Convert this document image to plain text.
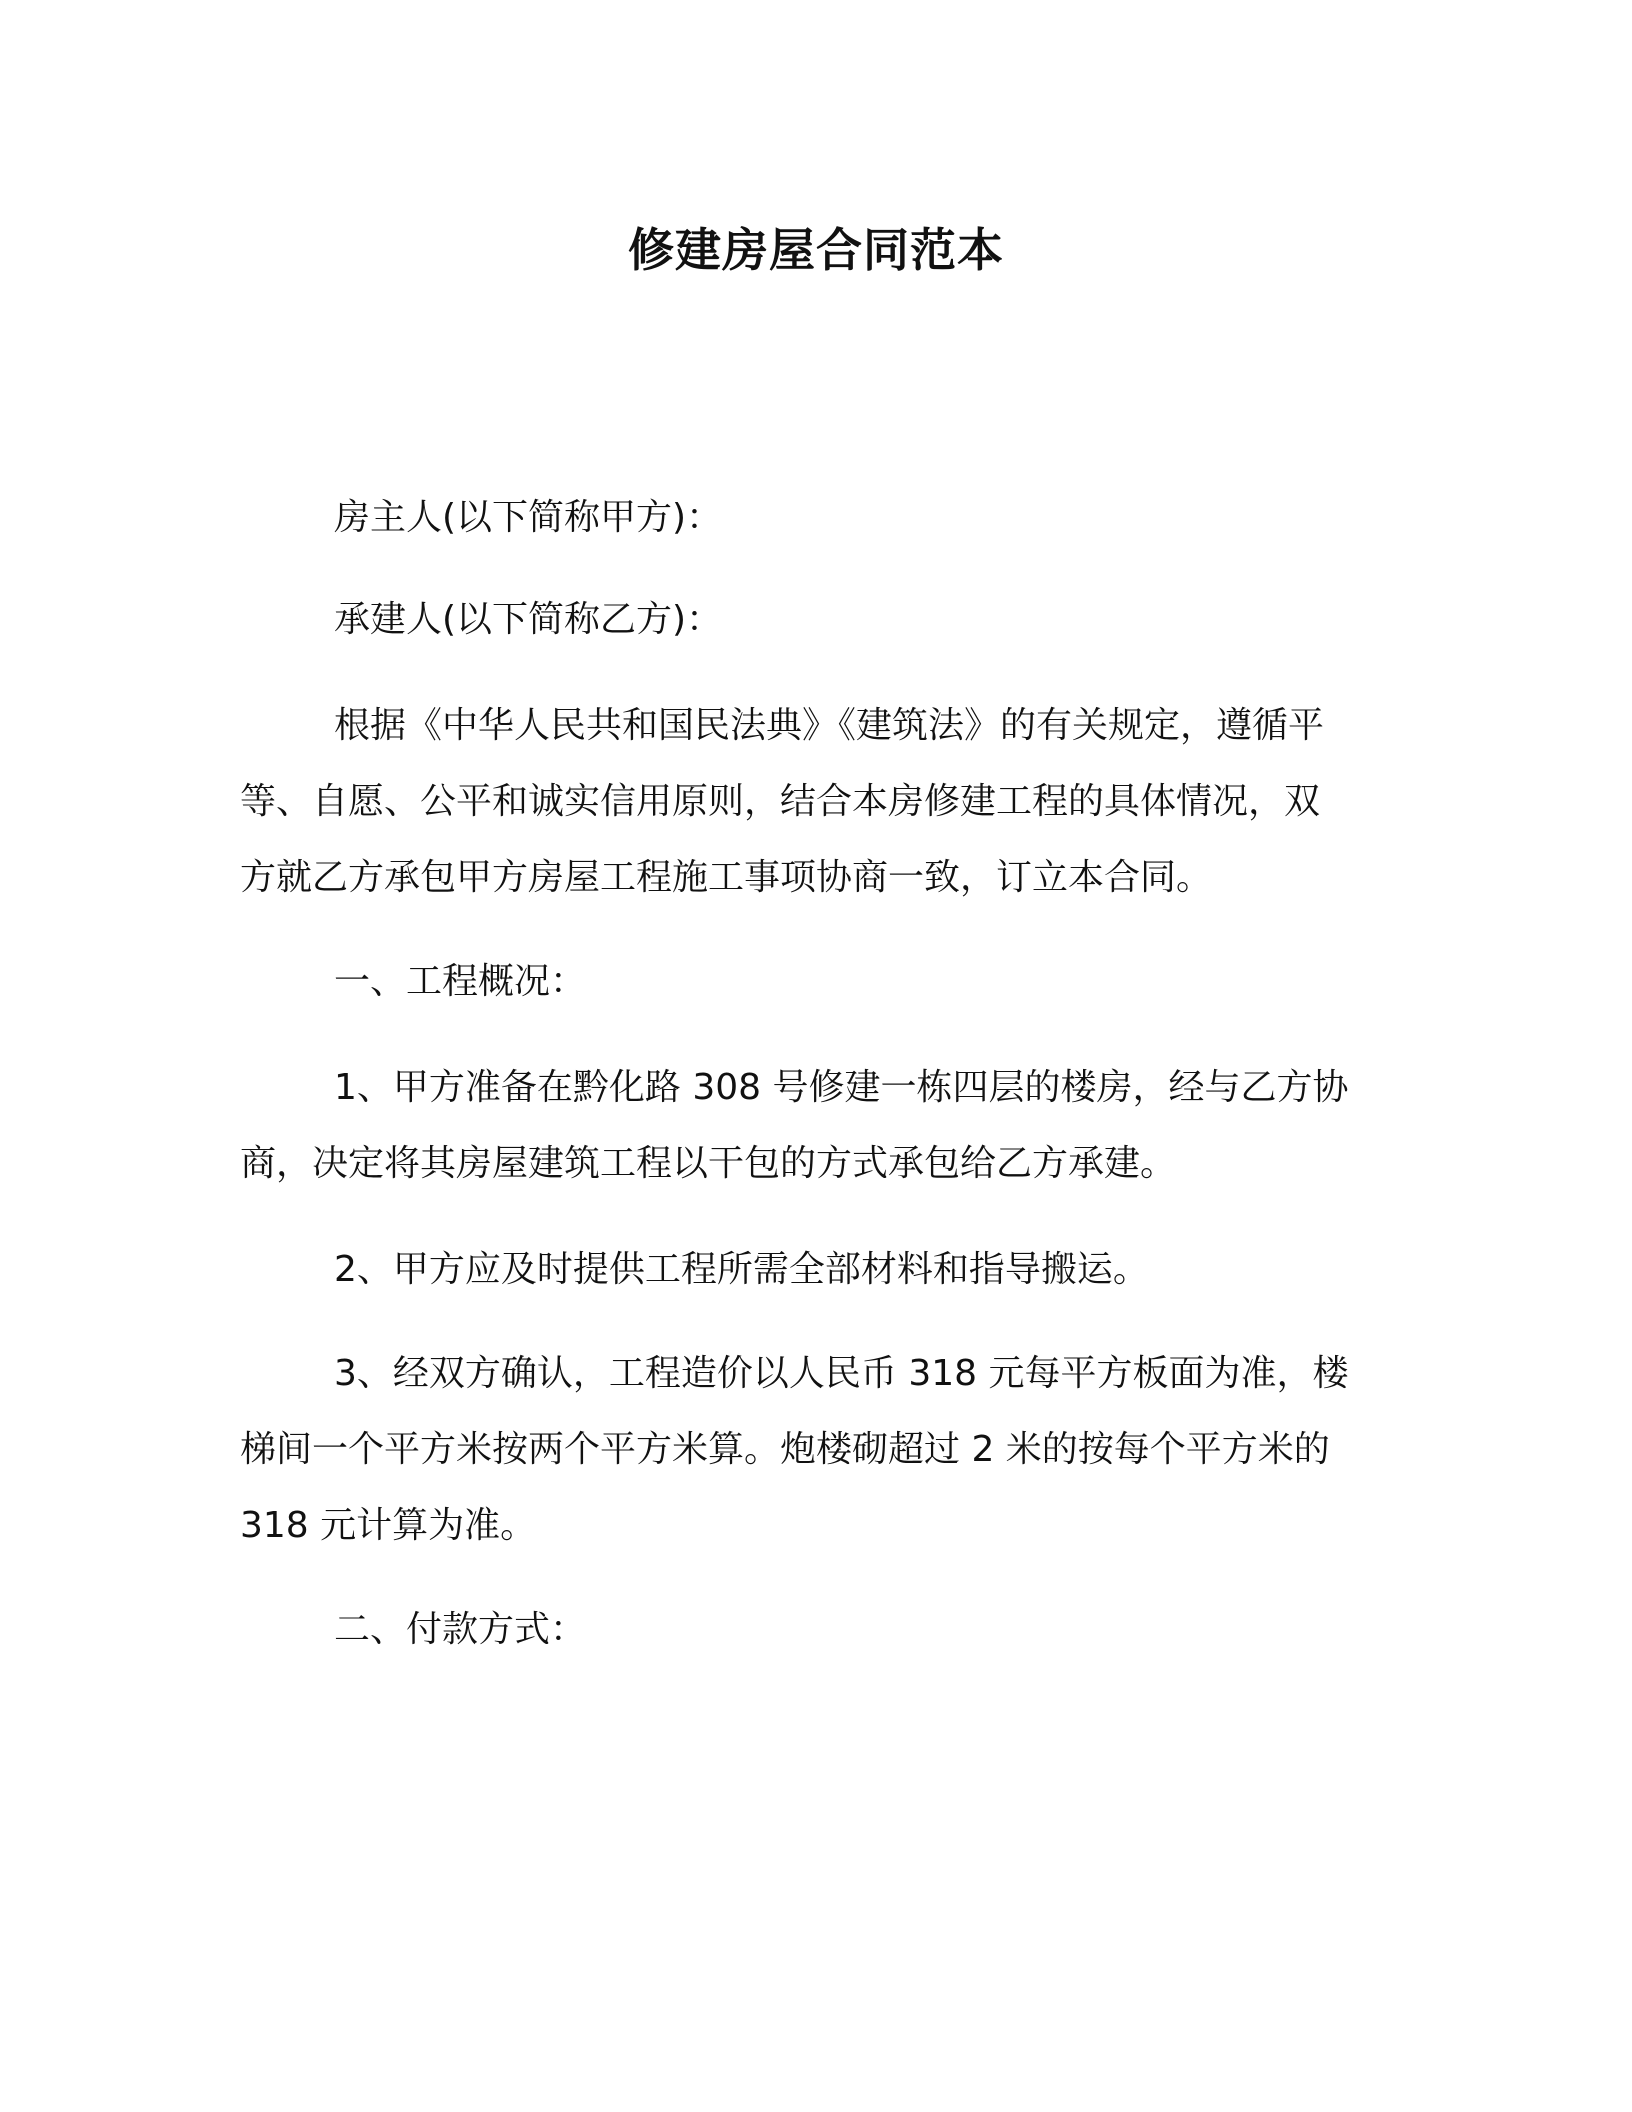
修建房屋合同范本

房主人(以下简称甲方)：

承建人(以下简称乙方)：

根据《中华人民共和国民法典》《建筑法》的有关规定，遵循平
等、自愿、公平和诚实信用原则，结合本房修建工程的具体情况，双
方就乙方承包甲方房屋工程施工事项协商一致，订立本合同。

一、工程概况：

1、甲方准备在黔化路 308 号修建一栋四层的楼房，经与乙方协
商，决定将其房屋建筑工程以干包的方式承包给乙方承建。

2、甲方应及时提供工程所需全部材料和指导搬运。

3、经双方确认，工程造价以人民币 318 元每平方板面为准，楼
梯间一个平方米按两个平方米算。炮楼砌超过 2 米的按每个平方米的
318 元计算为准。

二、付款方式：
